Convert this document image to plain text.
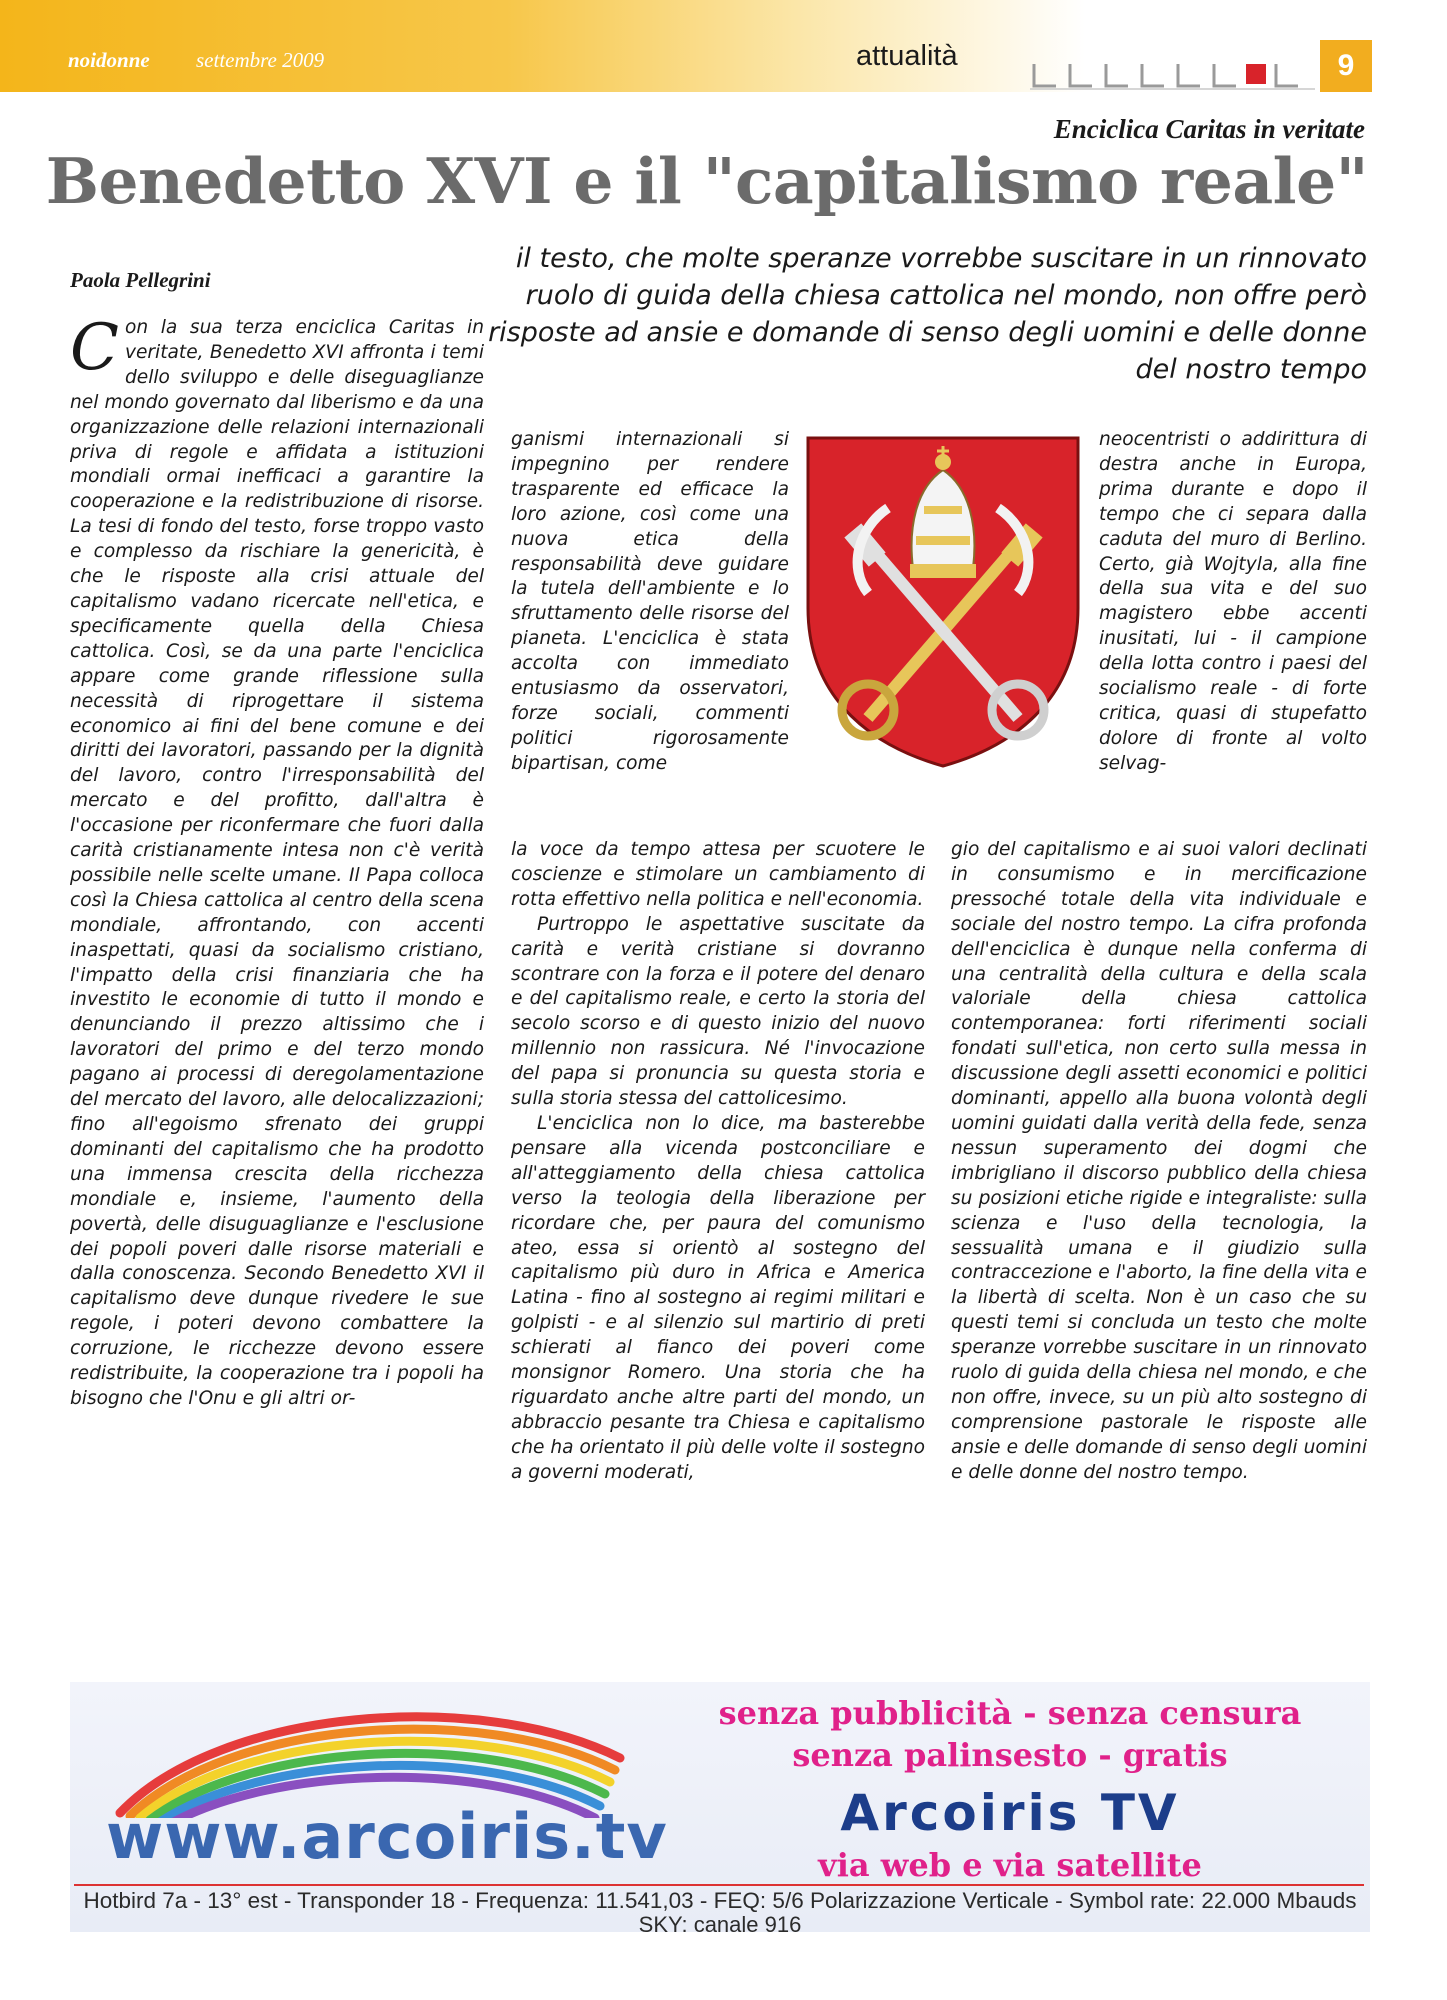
noidonne settembre 2009	attualità	9
Enciclica Caritas in veritate
Benedetto XVI e il "capitalismo reale"
Paola Pellegrini
il testo, che molte speranze vorrebbe suscitare in un rinnovato ruolo di guida della chiesa cattolica nel mondo, non offre però risposte ad ansie e domande di senso degli uomini e delle donne del nostro tempo
C on la sua terza enciclica Caritas in veritate, Benedetto XVI affronta i temi dello sviluppo e delle diseguaglianze nel mondo governato dal liberismo e da una organizzazione delle relazioni internazionali priva di regole e affidata a istituzioni mondiali ormai inefficaci a garantire la cooperazione e la redistribuzione di risorse. La tesi di fondo del testo, forse troppo vasto e complesso da rischiare la genericità, è che le risposte alla crisi attuale del capitalismo vadano ricercate nell'etica, e specificamente quella della Chiesa cattolica. Così, se da una parte l'enciclica appare come grande riflessione sulla necessità di riprogettare il sistema economico ai fini del bene comune e dei diritti dei lavoratori, passando per la dignità del lavoro, contro l'irresponsabilità del mercato e del profitto, dall'altra è l'occasione per riconfermare che fuori dalla carità cristianamente intesa non c'è verità possibile nelle scelte umane. Il Papa colloca così la Chiesa cattolica al centro della scena mondiale, affrontando, con accenti inaspettati, quasi da socialismo cristiano, l'impatto della crisi finanziaria che ha investito le economie di tutto il mondo e denunciando il prezzo altissimo che i lavoratori del primo e del terzo mondo pagano ai processi di deregolamentazione del mercato del lavoro, alle delocalizzazioni; fino all'egoismo sfrenato dei gruppi dominanti del capitalismo che ha prodotto una immensa crescita della ricchezza mondiale e, insieme, l'aumento della povertà, delle disuguaglianze e l'esclusione dei popoli poveri dalle risorse materiali e dalla conoscenza. Secondo Benedetto XVI il capitalismo deve dunque rivedere le sue regole, i poteri devono combattere la corruzione, le ricchezze devono essere redistribuite, la cooperazione tra i popoli ha bisogno che l'Onu e gli altri or-

ganismi internazionali si impegnino per rendere trasparente ed efficace la loro azione, così come una nuova etica della responsabilità deve guidare la tutela dell'ambiente e lo sfruttamento delle risorse del pianeta. L'enciclica è stata accolta con immediato entusiasmo da osservatori, forze sociali, commenti politici rigorosamente bipartisan, come

la voce da tempo attesa per scuotere le coscienze e stimolare un cambiamento di rotta effettivo nella politica e nell'economia.

Purtroppo le aspettative suscitate da carità e verità cristiane si dovranno scontrare con la forza e il potere del denaro e del capitalismo reale, e certo la storia del secolo scorso e di questo inizio del nuovo millennio non rassicura. Né l'invocazione del papa si pronuncia su questa storia e sulla storia stessa del cattolicesimo.

L'enciclica non lo dice, ma basterebbe pensare alla vicenda postconciliare e all'atteggiamento della chiesa cattolica verso la teologia della liberazione per ricordare che, per paura del comunismo ateo, essa si orientò al sostegno del capitalismo più duro in Africa e America Latina - fino al sostegno ai regimi militari e golpisti - e al silenzio sul martirio di preti schierati al fianco dei poveri come monsignor Romero. Una storia che ha riguardato anche altre parti del mondo, un abbraccio pesante tra Chiesa e capitalismo che ha orientato il più delle volte il sostegno a governi moderati,

neocentristi o addirittura di destra anche in Europa, prima durante e dopo il tempo che ci separa dalla caduta del muro di Berlino. Certo, già Wojtyla, alla fine della sua vita e del suo magistero ebbe accenti inusitati, lui - il campione della lotta contro i paesi del socialismo reale - di forte critica, quasi di stupefatto dolore di fronte al volto selvag-

gio del capitalismo e ai suoi valori declinati in consumismo e in mercificazione pressoché totale della vita individuale e sociale del nostro tempo. La cifra profonda dell'enciclica è dunque nella conferma di una centralità della cultura e della scala valoriale della chiesa cattolica contemporanea: forti riferimenti sociali fondati sull'etica, non certo sulla messa in discussione degli assetti economici e politici dominanti, appello alla buona volontà degli uomini guidati dalla verità della fede, senza nessun superamento dei dogmi che imbrigliano il discorso pubblico della chiesa su posizioni etiche rigide e integraliste: sulla scienza e l'uso della tecnologia, la sessualità umana e il giudizio sulla contraccezione e l'aborto, la fine della vita e la libertà di scelta. Non è un caso che su questi temi si concluda un testo che molte speranze vorrebbe suscitare in un rinnovato ruolo di guida della chiesa nel mondo, e che non offre, invece, su un più alto sostegno di comprensione pastorale le risposte alle ansie e delle domande di senso degli uomini e delle donne del nostro tempo.

www.arcoiris.tv
senza pubblicità - senza censura
senza palinsesto - gratis
Arcoiris TV
via web e via satellite
Hotbird 7a - 13° est - Transponder 18 - Frequenza: 11.541,03 - FEQ: 5/6 Polarizzazione Verticale - Symbol rate: 22.000 Mbauds
SKY: canale 916
